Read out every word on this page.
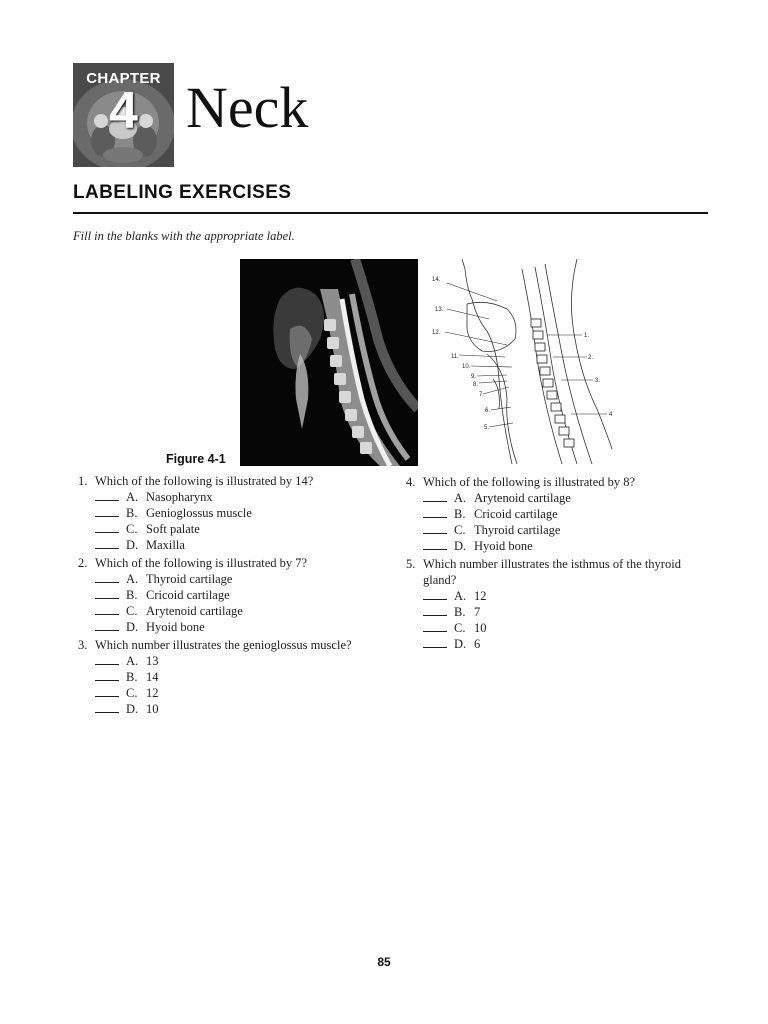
CHAPTER
4 Neck
LABELING EXERCISES
Fill in the blanks with the appropriate label.
14.
13.
12.
11.
10.
9.
8.
7.
6.
5.
1.
2.
3.
4
Figure 4-1
1. Which of the following is illustrated by 14?
A. Nasopharynx
B. Genioglossus muscle
C. Soft palate
D. Maxilla
2. Which of the following is illustrated by 7?
A. Thyroid cartilage
B. Cricoid cartilage
C. Arytenoid cartilage
D. Hyoid bone
3. Which number illustrates the genioglossus muscle?
A. 13
B. 14
C. 12
D. 10
4. Which of the following is illustrated by 8?
A. Arytenoid cartilage
B. Cricoid cartilage
C. Thyroid cartilage
D. Hyoid bone
5. Which number illustrates the isthmus of the thyroid gland?
A. 12
B. 7
C. 10
D. 6
85
